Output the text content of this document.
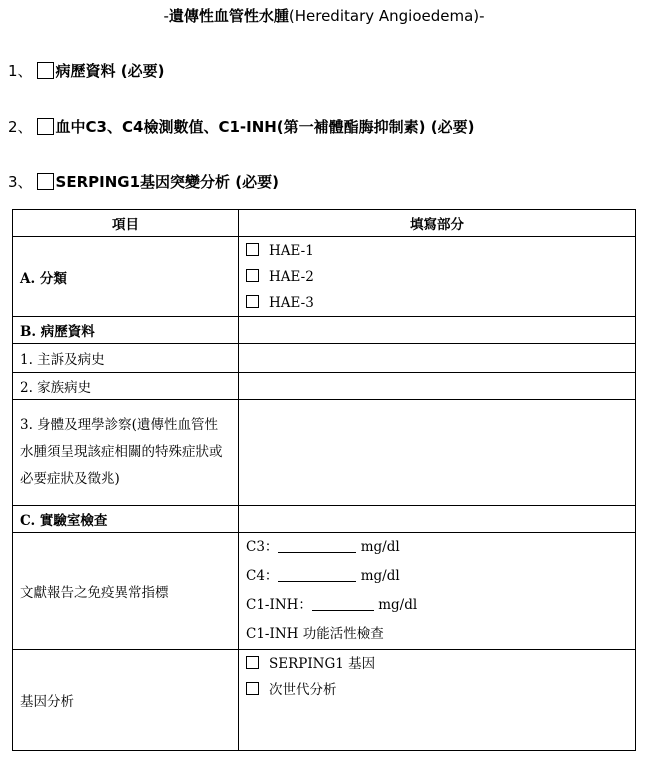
-遺傳性血管性水腫(Hereditary Angioedema)-
1、 病歷資料 (必要)
2、 血中C3、C4檢測數值、C1-INH(第一補體酯脢抑制素) (必要)
3、 SERPING1基因突變分析 (必要)
項目	填寫部分
A. 分類	HAE-1
HAE-2
HAE-3

B. 病歷資料	
1. 主訴及病史	
2. 家族病史	
3. 身體及理學診察(遺傳性血管性水腫須呈現該症相關的特殊症狀或必要症狀及徵兆)	
C. 實驗室檢查	
文獻報告之免疫異常指標	C3： mg/dl
C4： mg/dl
C1-INH： mg/dl
C1-INH 功能活性檢查

基因分析	SERPING1 基因
次世代分析
